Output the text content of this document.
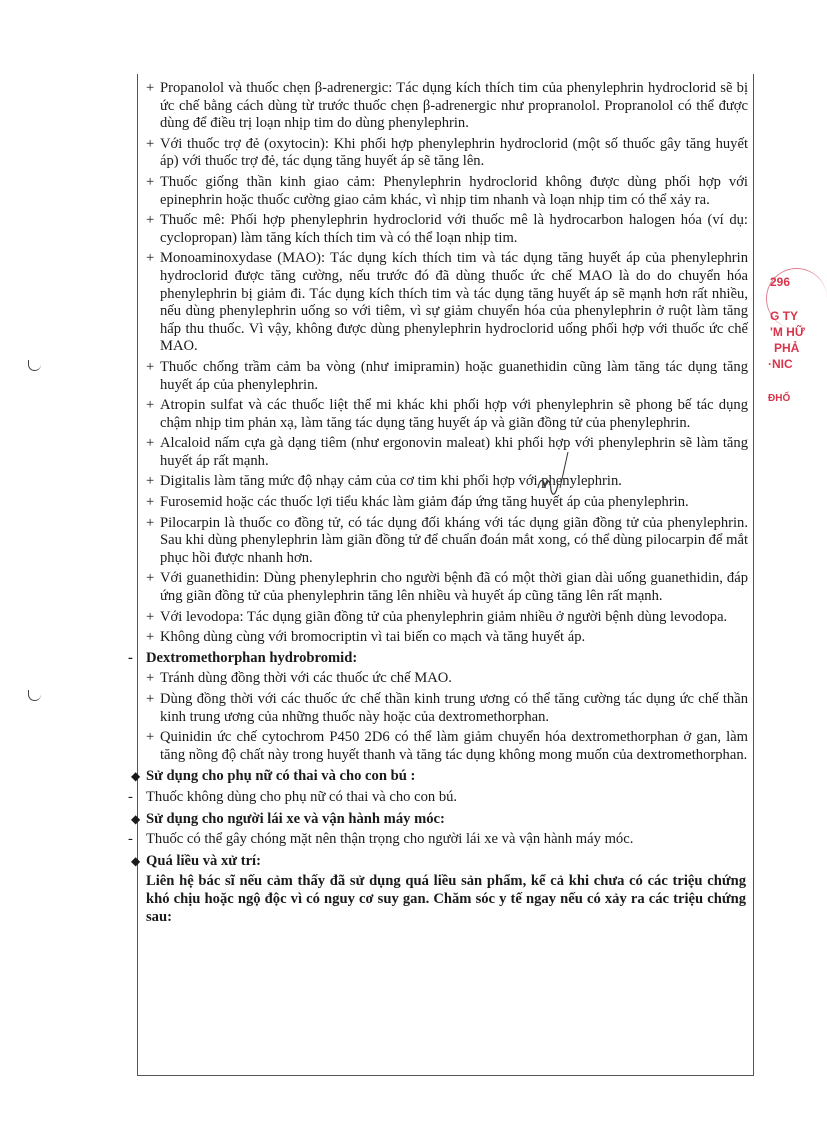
+ Propanolol và thuốc chẹn β-adrenergic: Tác dụng kích thích tim của phenylephrin hydroclorid sẽ bị ức chế bằng cách dùng từ trước thuốc chẹn β-adrenergic như propranolol. Propranolol có thể được dùng để điều trị loạn nhịp tim do dùng phenylephrin.
+ Với thuốc trợ đẻ (oxytocin): Khi phối hợp phenylephrin hydroclorid (một số thuốc gây tăng huyết áp) với thuốc trợ đẻ, tác dụng tăng huyết áp sẽ tăng lên.
+ Thuốc giống thần kinh giao cảm: Phenylephrin hydroclorid không được dùng phối hợp với epinephrin hoặc thuốc cường giao cảm khác, vì nhịp tim nhanh và loạn nhịp tim có thể xảy ra.
+ Thuốc mê: Phối hợp phenylephrin hydroclorid với thuốc mê là hydrocarbon halogen hóa (ví dụ: cyclopropan) làm tăng kích thích tim và có thể loạn nhịp tim.
+ Monoaminoxydase (MAO): Tác dụng kích thích tim và tác dụng tăng huyết áp của phenylephrin hydroclorid được tăng cường, nếu trước đó đã dùng thuốc ức chế MAO là do do chuyển hóa phenylephrin bị giảm đi. Tác dụng kích thích tim và tác dụng tăng huyết áp sẽ mạnh hơn rất nhiều, nếu dùng phenylephrin uống so với tiêm, vì sự giảm chuyển hóa của phenylephrin ở ruột làm tăng hấp thu thuốc. Vì vậy, không được dùng phenylephrin hydroclorid uống phối hợp với thuốc ức chế MAO.
+ Thuốc chống trầm cảm ba vòng (như imipramin) hoặc guanethidin cũng làm tăng tác dụng tăng huyết áp của phenylephrin.
+ Atropin sulfat và các thuốc liệt thể mi khác khi phối hợp với phenylephrin sẽ phong bế tác dụng chậm nhịp tim phản xạ, làm tăng tác dụng tăng huyết áp và giãn đồng tử của phenylephrin.
+ Alcaloid nấm cựa gà dạng tiêm (như ergonovin maleat) khi phối hợp với phenylephrin sẽ làm tăng huyết áp rất mạnh.
+ Digitalis làm tăng mức độ nhạy cảm của cơ tim khi phối hợp với phenylephrin.
+ Furosemid hoặc các thuốc lợi tiểu khác làm giảm đáp ứng tăng huyết áp của phenylephrin.
+ Pilocarpin là thuốc co đồng tử, có tác dụng đối kháng với tác dụng giãn đồng tử của phenylephrin. Sau khi dùng phenylephrin làm giãn đồng tử để chuẩn đoán mắt xong, có thể dùng pilocarpin để mắt phục hồi được nhanh hơn.
+ Với guanethidin: Dùng phenylephrin cho người bệnh đã có một thời gian dài uống guanethidin, đáp ứng giãn đồng tử của phenylephrin tăng lên nhiều và huyết áp cũng tăng lên rất mạnh.
+ Với levodopa: Tác dụng giãn đồng tử của phenylephrin giảm nhiều ở người bệnh dùng levodopa.
+ Không dùng cùng với bromocriptin vì tai biến co mạch và tăng huyết áp.
- Dextromethorphan hydrobromid:
+ Tránh dùng đồng thời với các thuốc ức chế MAO.
+ Dùng đồng thời với các thuốc ức chế thần kinh trung ương có thể tăng cường tác dụng ức chế thần kinh trung ương của những thuốc này hoặc của dextromethorphan.
+ Quinidin ức chế cytochrom P450 2D6 có thể làm giảm chuyển hóa dextromethorphan ở gan, làm tăng nồng độ chất này trong huyết thanh và tăng tác dụng không mong muốn của dextromethorphan.
◆ Sử dụng cho phụ nữ có thai và cho con bú :
- Thuốc không dùng cho phụ nữ có thai và cho con bú.
◆ Sử dụng cho người lái xe và vận hành máy móc:
- Thuốc có thể gây chóng mặt nên thận trọng cho người lái xe và vận hành máy móc.
◆ Quá liều và xử trí:
Liên hệ bác sĩ nếu cảm thấy đã sử dụng quá liều sản phẩm, kể cả khi chưa có các triệu chứng khó chịu hoặc ngộ độc vì có nguy cơ suy gan. Chăm sóc y tế ngay nếu có xảy ra các triệu chứng sau:
296
G TY
'M HỮ
PHẢ
·NIC
ĐHỐ
